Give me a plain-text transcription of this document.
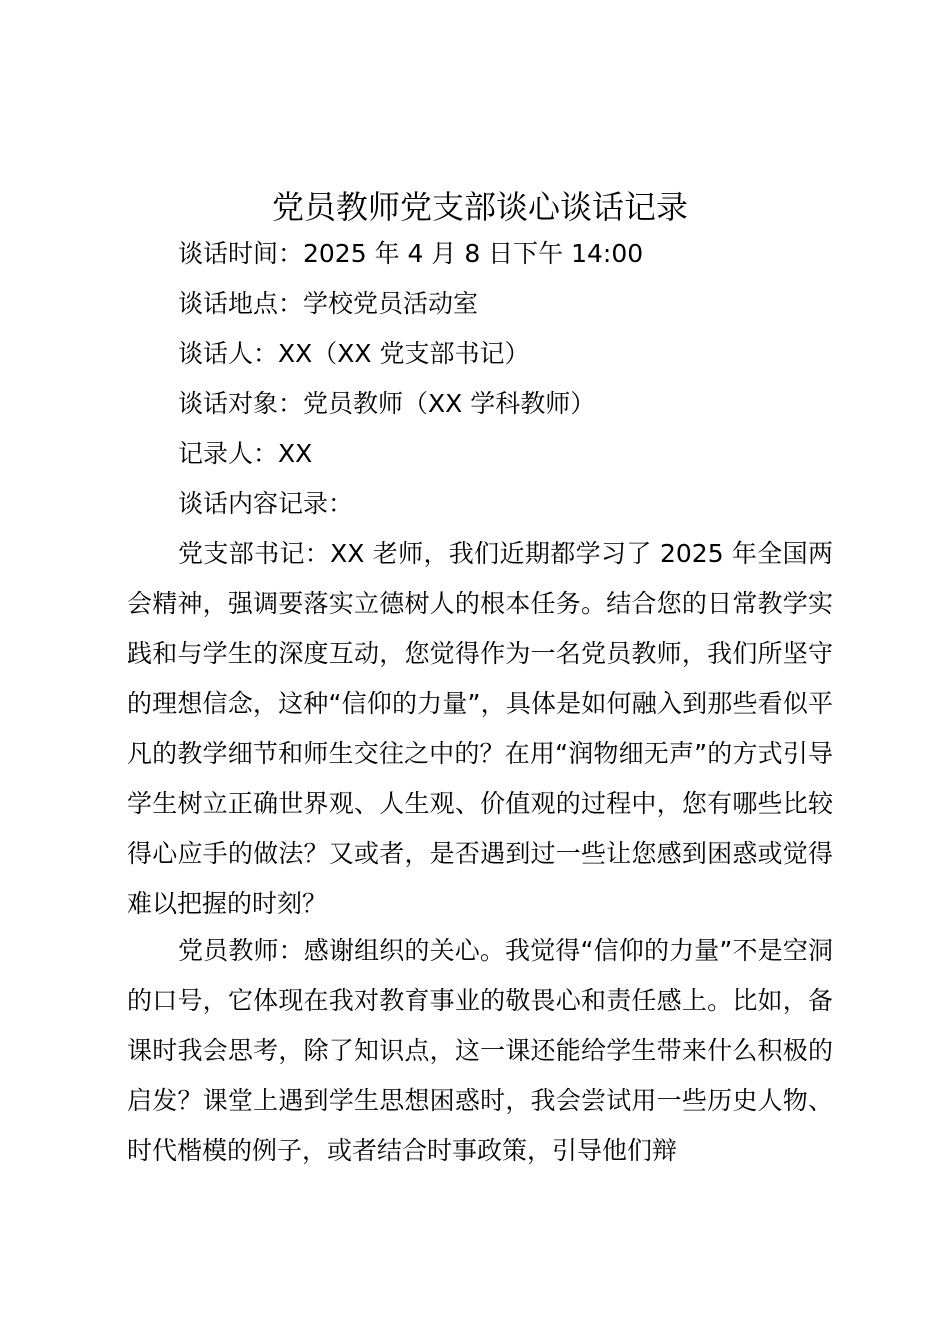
党员教师党支部谈心谈话记录

谈话时间：2025 年 4 月 8 日下午 14:00

谈话地点：学校党员活动室

谈话人：XX（XX 党支部书记）

谈话对象：党员教师（XX 学科教师）

记录人：XX

谈话内容记录：

党支部书记：XX 老师，我们近期都学习了 2025 年全国两会精神，强调要落实立德树人的根本任务。结合您的日常教学实践和与学生的深度互动，您觉得作为一名党员教师，我们所坚守的理想信念，这种“信仰的力量”，具体是如何融入到那些看似平凡的教学细节和师生交往之中的？在用“润物细无声”的方式引导学生树立正确世界观、人生观、价值观的过程中，您有哪些比较得心应手的做法？又或者，是否遇到过一些让您感到困惑或觉得难以把握的时刻？

党员教师：感谢组织的关心。我觉得“信仰的力量”不是空洞的口号，它体现在我对教育事业的敬畏心和责任感上。比如，备课时我会思考，除了知识点，这一课还能给学生带来什么积极的启发？课堂上遇到学生思想困惑时，我会尝试用一些历史人物、时代楷模的例子，或者结合时事政策，引导他们辩
